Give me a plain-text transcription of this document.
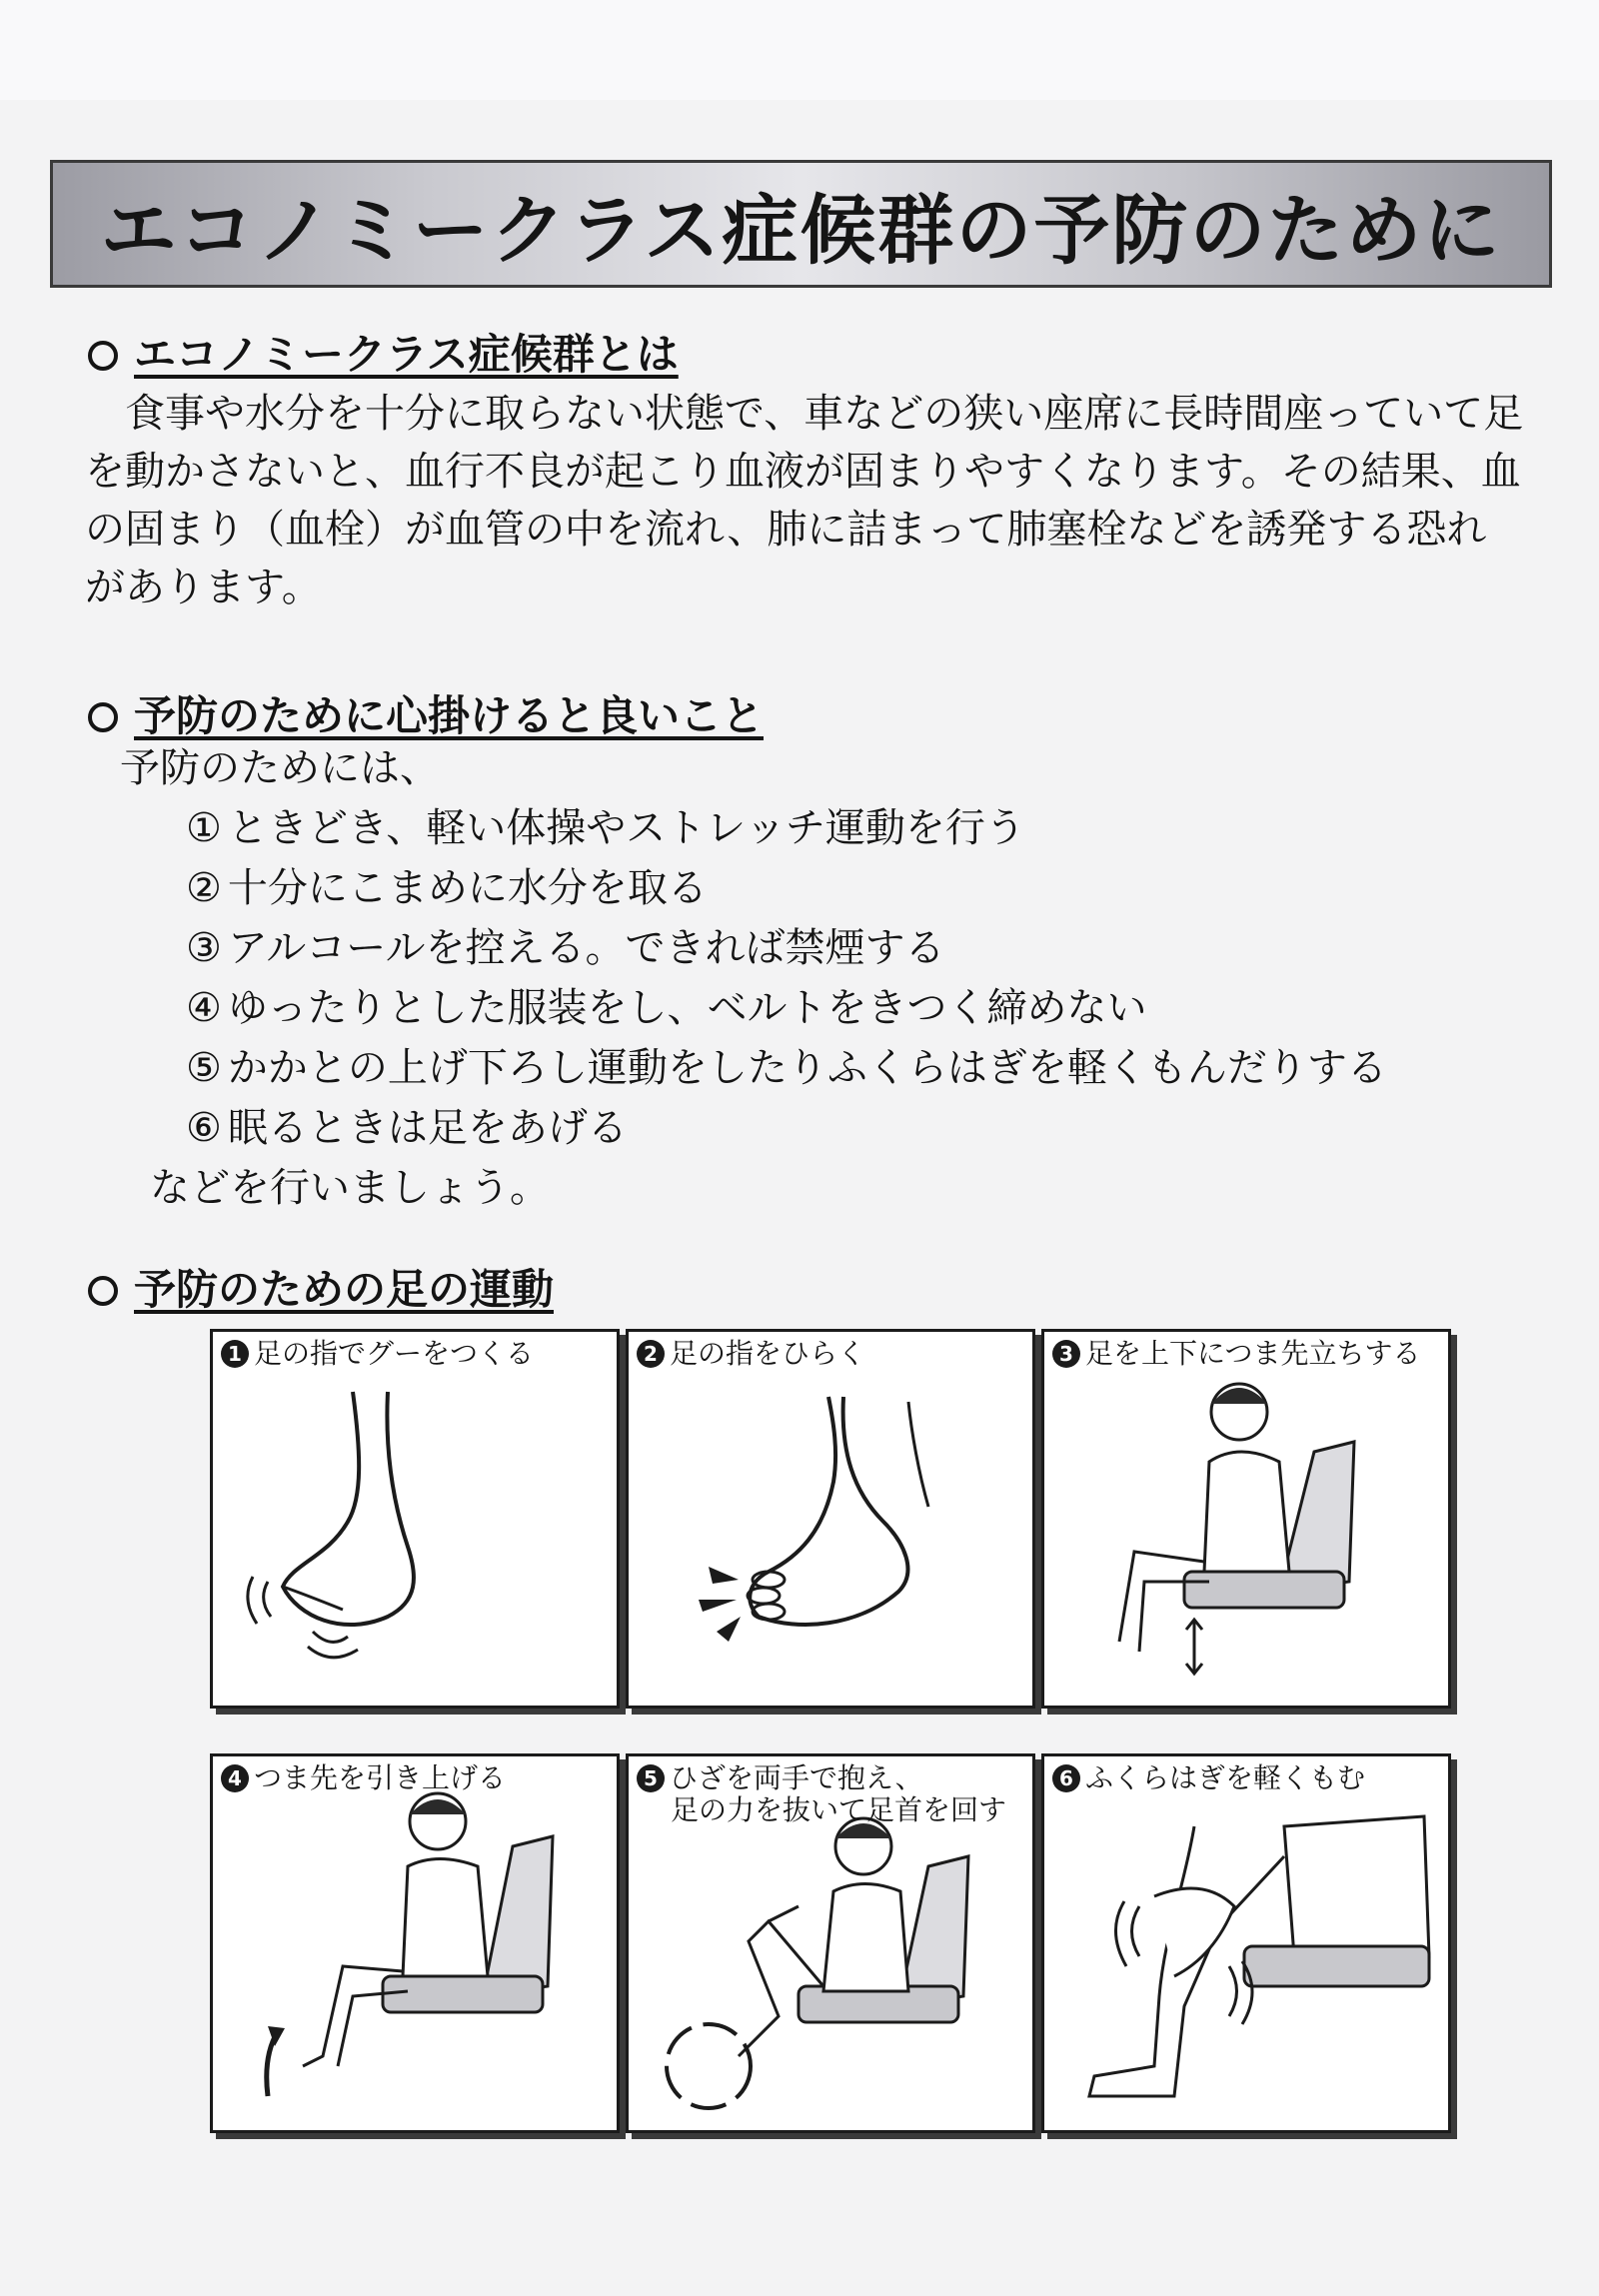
エコノミークラス症候群の予防のために
エコノミークラス症候群とは

食事や水分を十分に取らない状態で、車などの狭い座席に長時間座っていて足を動かさないと、血行不良が起こり血液が固まりやすくなります。その結果、血の固まり（血栓）が血管の中を流れ、肺に詰まって肺塞栓などを誘発する恐れがあります。

予防のために心掛けると良いこと
予防のためには、
① ときどき、軽い体操やストレッチ運動を行う
② 十分にこまめに水分を取る
③ アルコールを控える。できれば禁煙する
④ ゆったりとした服装をし、ベルトをきつく締めない
⑤ かかとの上げ下ろし運動をしたりふくらはぎを軽くもんだりする
⑥ 眠るときは足をあげる
などを行いましょう。
予防のための足の運動
1 足の指でグーをつくる	2 足の指をひらく	3 足を上下につま先立ちする
4 つま先を引き上げる	5 ひざを両手で抱え、
足の力を抜いて足首を回す
6 ふくらはぎを軽くもむ
